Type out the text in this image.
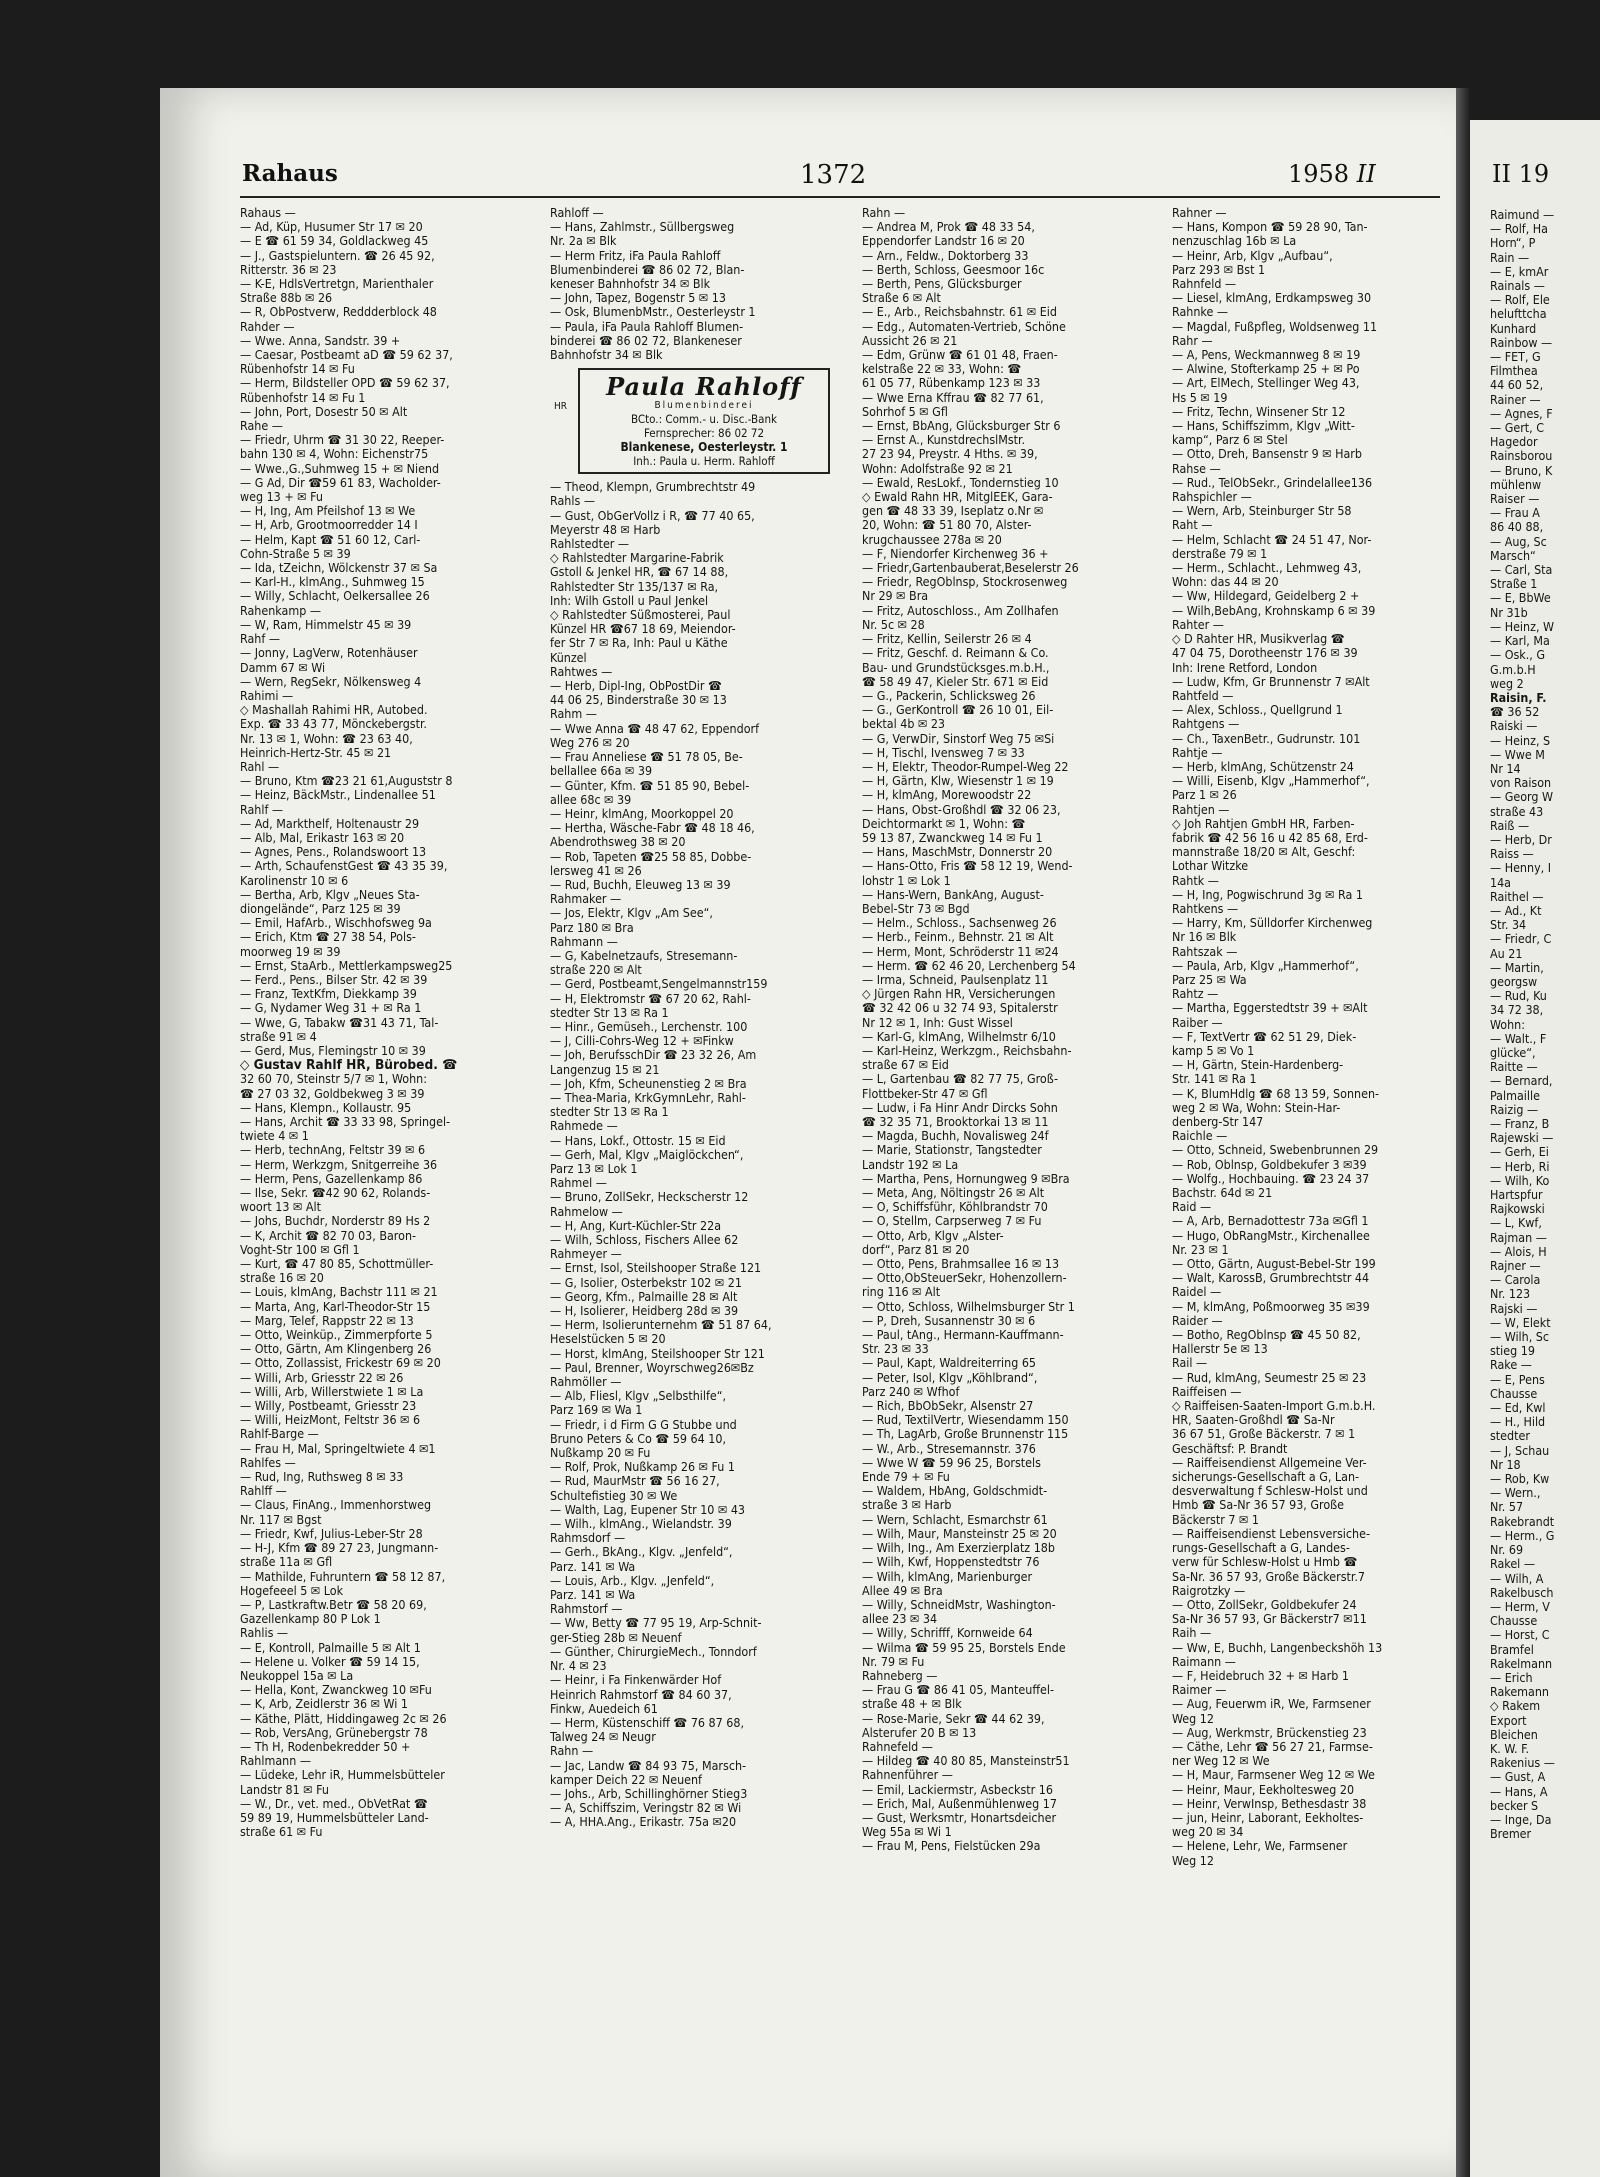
Rahaus	1372	1958 II
Rahaus —
— Ad, Küp, Husumer Str 17 ✉ 20
— E ☎ 61 59 34, Goldlackweg 45
— J., Gastspieluntern. ☎ 26 45 92,
Ritterstr. 36 ✉ 23
— K-E, HdlsVertretgn, Marienthaler
Straße 88b ✉ 26
— R, ObPostverw, Reddderblock 48
Rahder —
— Wwe. Anna, Sandstr. 39 +
— Caesar, Postbeamt aD ☎ 59 62 37,
Rübenhofstr 14 ✉ Fu
— Herm, Bildsteller OPD ☎ 59 62 37,
Rübenhofstr 14 ✉ Fu 1
— John, Port, Dosestr 50 ✉ Alt
Rahe —
— Friedr, Uhrm ☎ 31 30 22, Reeper-
bahn 130 ✉ 4, Wohn: Eichenstr75
— Wwe.,G.,Suhmweg 15 + ✉ Niend
— G Ad, Dir ☎59 61 83, Wacholder-
weg 13 + ✉ Fu
— H, Ing, Am Pfeilshof 13 ✉ We
— H, Arb, Grootmoorredder 14 I
— Helm, Kapt ☎ 51 60 12, Carl-
Cohn-Straße 5 ✉ 39
— Ida, tZeichn, Wölckenstr 37 ✉ Sa
— Karl-H., klmAng., Suhmweg 15
— Willy, Schlacht, Oelkersallee 26
Rahenkamp —
— W, Ram, Himmelstr 45 ✉ 39
Rahf —
— Jonny, LagVerw, Rotenhäuser
Damm 67 ✉ Wi
— Wern, RegSekr, Nölkensweg 4
Rahimi —
◇ Mashallah Rahimi HR, Autobed.
Exp. ☎ 33 43 77, Mönckebergstr.
Nr. 13 ✉ 1, Wohn: ☎ 23 63 40,
Heinrich-Hertz-Str. 45 ✉ 21
Rahl —
— Bruno, Ktm ☎23 21 61,Auguststr 8
— Heinz, BäckMstr., Lindenallee 51
Rahlf —
— Ad, Markthelf, Holtenaustr 29
— Alb, Mal, Erikastr 163 ✉ 20
— Agnes, Pens., Rolandswoort 13
— Arth, SchaufenstGest ☎ 43 35 39,
Karolinenstr 10 ✉ 6
— Bertha, Arb, Klgv „Neues Sta-
diongelände“, Parz 125 ✉ 39
— Emil, HafArb., Wischhofsweg 9a
— Erich, Ktm ☎ 27 38 54, Pols-
moorweg 19 ✉ 39
— Ernst, StaArb., Mettlerkampsweg25
— Ferd., Pens., Bilser Str. 42 ✉ 39
— Franz, TextKfm, Diekkamp 39
— G, Nydamer Weg 31 + ✉ Ra 1
— Wwe, G, Tabakw ☎31 43 71, Tal-
straße 91 ✉ 4
— Gerd, Mus, Flemingstr 10 ✉ 39
◇ Gustav Rahlf HR, Bürobed. ☎
32 60 70, Steinstr 5/7 ✉ 1, Wohn:
☎ 27 03 32, Goldbekweg 3 ✉ 39
— Hans, Klempn., Kollaustr. 95
— Hans, Archit ☎ 33 33 98, Springel-
twiete 4 ✉ 1
— Herb, technAng, Feltstr 39 ✉ 6
— Herm, Werkzgm, Snitgerreihe 36
— Herm, Pens, Gazellenkamp 86
— Ilse, Sekr. ☎42 90 62, Rolands-
woort 13 ✉ Alt
— Johs, Buchdr, Norderstr 89 Hs 2
— K, Archit ☎ 82 70 03, Baron-
Voght-Str 100 ✉ Gfl 1
— Kurt, ☎ 47 80 85, Schottmüller-
straße 16 ✉ 20
— Louis, klmAng, Bachstr 111 ✉ 21
— Marta, Ang, Karl-Theodor-Str 15
— Marg, Telef, Rappstr 22 ✉ 13
— Otto, Weinküp., Zimmerpforte 5
— Otto, Gärtn, Am Klingenberg 26
— Otto, Zollassist, Frickestr 69 ✉ 20
— Willi, Arb, Griesstr 22 ✉ 26
— Willi, Arb, Willerstwiete 1 ✉ La
— Willy, Postbeamt, Griesstr 23
— Willi, HeizMont, Feltstr 36 ✉ 6
Rahlf-Barge —
— Frau H, Mal, Springeltwiete 4 ✉1
Rahlfes —
— Rud, Ing, Ruthsweg 8 ✉ 33
Rahlff —
— Claus, FinAng., Immenhorstweg
Nr. 117 ✉ Bgst
— Friedr, Kwf, Julius-Leber-Str 28
— H-J, Kfm ☎ 89 27 23, Jungmann-
straße 11a ✉ Gfl
— Mathilde, Fuhruntern ☎ 58 12 87,
Hogefeeel 5 ✉ Lok
— P, Lastkraftw.Betr ☎ 58 20 69,
Gazellenkamp 80 P Lok 1
Rahlis —
— E, Kontroll, Palmaille 5 ✉ Alt 1
— Helene u. Volker ☎ 59 14 15,
Neukoppel 15a ✉ La
— Hella, Kont, Zwanckweg 10 ✉Fu
— K, Arb, Zeidlerstr 36 ✉ Wi 1
— Käthe, Plätt, Hiddingaweg 2c ✉ 26
— Rob, VersAng, Grünebergstr 78
— Th H, Rodenbekredder 50 +
Rahlmann —
— Lüdeke, Lehr iR, Hummelsbütteler
Landstr 81 ✉ Fu
— W., Dr., vet. med., ObVetRat ☎
59 89 19, Hummelsbütteler Land-
straße 61 ✉ Fu
Rahloff —
— Hans, Zahlmstr., Süllbergsweg
Nr. 2a ✉ Blk
— Herm Fritz, iFa Paula Rahloff
Blumenbinderei ☎ 86 02 72, Blan-
keneser Bahnhofstr 34 ✉ Blk
— John, Tapez, Bogenstr 5 ✉ 13
— Osk, BlumenbMstr., Oesterleystr 1
— Paula, iFa Paula Rahloff Blumen-
binderei ☎ 86 02 72, Blankeneser
Bahnhofstr 34 ✉ Blk
HR
Paula Rahloff
Blumenbinderei
BCto.: Comm.- u. Disc.-Bank
Fernsprecher: 86 02 72
Blankenese, Oesterleystr. 1
Inh.: Paula u. Herm. Rahloff
— Theod, Klempn, Grumbrechtstr 49
Rahls —
— Gust, ObGerVollz i R, ☎ 77 40 65,
Meyerstr 48 ✉ Harb
Rahlstedter —
◇ Rahlstedter Margarine-Fabrik
Gstoll & Jenkel HR, ☎ 67 14 88,
Rahlstedter Str 135/137 ✉ Ra,
Inh: Wilh Gstoll u Paul Jenkel
◇ Rahlstedter Süßmosterei, Paul
Künzel HR ☎67 18 69, Meiendor-
fer Str 7 ✉ Ra, Inh: Paul u Käthe
Künzel
Rahtwes —
— Herb, Dipl-Ing, ObPostDir ☎
44 06 25, Binderstraße 30 ✉ 13
Rahm —
— Wwe Anna ☎ 48 47 62, Eppendorf
Weg 276 ✉ 20
— Frau Anneliese ☎ 51 78 05, Be-
bellallee 66a ✉ 39
— Günter, Kfm. ☎ 51 85 90, Bebel-
allee 68c ✉ 39
— Heinr, klmAng, Moorkoppel 20
— Hertha, Wäsche-Fabr ☎ 48 18 46,
Abendrothsweg 38 ✉ 20
— Rob, Tapeten ☎25 58 85, Dobbe-
lersweg 41 ✉ 26
— Rud, Buchh, Eleuweg 13 ✉ 39
Rahmaker —
— Jos, Elektr, Klgv „Am See“,
Parz 180 ✉ Bra
Rahmann —
— G, Kabelnetzaufs, Stresemann-
straße 220 ✉ Alt
— Gerd, Postbeamt,Sengelmannstr159
— H, Elektromstr ☎ 67 20 62, Rahl-
stedter Str 13 ✉ Ra 1
— Hinr., Gemüseh., Lerchenstr. 100
— J, Cilli-Cohrs-Weg 12 + ✉Finkw
— Joh, BerufsschDir ☎ 23 32 26, Am
Langenzug 15 ✉ 21
— Joh, Kfm, Scheunenstieg 2 ✉ Bra
— Thea-Maria, KrkGymnLehr, Rahl-
stedter Str 13 ✉ Ra 1
Rahmede —
— Hans, Lokf., Ottostr. 15 ✉ Eid
— Gerh, Mal, Klgv „Maiglöckchen“,
Parz 13 ✉ Lok 1
Rahmel —
— Bruno, ZollSekr, Heckscherstr 12
Rahmelow —
— H, Ang, Kurt-Küchler-Str 22a
— Wilh, Schloss, Fischers Allee 62
Rahmeyer —
— Ernst, Isol, Steilshooper Straße 121
— G, Isolier, Osterbekstr 102 ✉ 21
— Georg, Kfm., Palmaille 28 ✉ Alt
— H, Isolierer, Heidberg 28d ✉ 39
— Herm, Isolierunternehm ☎ 51 87 64,
Heselstücken 5 ✉ 20
— Horst, klmAng, Steilshooper Str 121
— Paul, Brenner, Woyrschweg26✉Bz
Rahmöller —
— Alb, Fliesl, Klgv „Selbsthilfe“,
Parz 169 ✉ Wa 1
— Friedr, i d Firm G G Stubbe und
Bruno Peters & Co ☎ 59 64 10,
Nußkamp 20 ✉ Fu
— Rolf, Prok, Nußkamp 26 ✉ Fu 1
— Rud, MaurMstr ☎ 56 16 27,
Schultefistieg 30 ✉ We
— Walth, Lag, Eupener Str 10 ✉ 43
— Wilh., klmAng., Wielandstr. 39
Rahmsdorf —
— Gerh., BkAng., Klgv. „Jenfeld“,
Parz. 141 ✉ Wa
— Louis, Arb., Klgv. „Jenfeld“,
Parz. 141 ✉ Wa
Rahmstorf —
— Ww, Betty ☎ 77 95 19, Arp-Schnit-
ger-Stieg 28b ✉ Neuenf
— Günther, ChirurgieMech., Tonndorf
Nr. 4 ✉ 23
— Heinr, i Fa Finkenwärder Hof
Heinrich Rahmstorf ☎ 84 60 37,
Finkw, Auedeich 61
— Herm, Küstenschiff ☎ 76 87 68,
Talweg 24 ✉ Neugr
Rahn —
— Jac, Landw ☎ 84 93 75, Marsch-
kamper Deich 22 ✉ Neuenf
— Johs., Arb, Schillinghörner Stieg3
— A, Schiffszim, Veringstr 82 ✉ Wi
— A, HHA.Ang., Erikastr. 75a ✉20
Rahn —
— Andrea M, Prok ☎ 48 33 54,
Eppendorfer Landstr 16 ✉ 20
— Arn., Feldw., Doktorberg 33
— Berth, Schloss, Geesmoor 16c
— Berth, Pens, Glücksburger
Straße 6 ✉ Alt
— E., Arb., Reichsbahnstr. 61 ✉ Eid
— Edg., Automaten-Vertrieb, Schöne
Aussicht 26 ✉ 21
— Edm, Grünw ☎ 61 01 48, Fraen-
kelstraße 22 ✉ 33, Wohn: ☎
61 05 77, Rübenkamp 123 ✉ 33
— Wwe Erna Kffrau ☎ 82 77 61,
Sohrhof 5 ✉ Gfl
— Ernst, BbAng, Glücksburger Str 6
— Ernst A., KunstdrechslMstr.
27 23 94, Preystr. 4 Hths. ✉ 39,
Wohn: Adolfstraße 92 ✉ 21
— Ewald, ResLokf., Tondernstieg 10
◇ Ewald Rahn HR, MitglEEK, Gara-
gen ☎ 48 33 39, Iseplatz o.Nr ✉
20, Wohn: ☎ 51 80 70, Alster-
krugchaussee 278a ✉ 20
— F, Niendorfer Kirchenweg 36 +
— Friedr,Gartenbauberat,Beselerstr 26
— Friedr, RegOblnsp, Stockrosenweg
Nr 29 ✉ Bra
— Fritz, Autoschloss., Am Zollhafen
Nr. 5c ✉ 28
— Fritz, Kellin, Seilerstr 26 ✉ 4
— Fritz, Geschf. d. Reimann & Co.
Bau- und Grundstücksges.m.b.H.,
☎ 58 49 47, Kieler Str. 671 ✉ Eid
— G., Packerin, Schlicksweg 26
— G., GerKontroll ☎ 26 10 01, Eil-
bektal 4b ✉ 23
— G, VerwDir, Sinstorf Weg 75 ✉Si
— H, Tischl, Ivensweg 7 ✉ 33
— H, Elektr, Theodor-Rumpel-Weg 22
— H, Gärtn, Klw, Wiesenstr 1 ✉ 19
— H, klmAng, Morewoodstr 22
— Hans, Obst-Großhdl ☎ 32 06 23,
Deichtormarkt ✉ 1, Wohn: ☎
59 13 87, Zwanckweg 14 ✉ Fu 1
— Hans, MaschMstr, Donnerstr 20
— Hans-Otto, Fris ☎ 58 12 19, Wend-
lohstr 1 ✉ Lok 1
— Hans-Wern, BankAng, August-
Bebel-Str 73 ✉ Bgd
— Helm., Schloss., Sachsenweg 26
— Herb., Feinm., Behnstr. 21 ✉ Alt
— Herm, Mont, Schröderstr 11 ✉24
— Herm. ☎ 62 46 20, Lerchenberg 54
— Irma, Schneid, Paulsenplatz 11
◇ Jürgen Rahn HR, Versicherungen
☎ 32 42 06 u 32 74 93, Spitalerstr
Nr 12 ✉ 1, Inh: Gust Wissel
— Karl-G, klmAng, Wilhelmstr 6/10
— Karl-Heinz, Werkzgm., Reichsbahn-
straße 67 ✉ Eid
— L, Gartenbau ☎ 82 77 75, Groß-
Flottbeker-Str 47 ✉ Gfl
— Ludw, i Fa Hinr Andr Dircks Sohn
☎ 32 35 71, Brooktorkai 13 ✉ 11
— Magda, Buchh, Novalisweg 24f
— Marie, Stationstr, Tangstedter
Landstr 192 ✉ La
— Martha, Pens, Hornungweg 9 ✉Bra
— Meta, Ang, Nöltingstr 26 ✉ Alt
— O, Schiffsführ, Köhlbrandstr 70
— O, Stellm, Carpserweg 7 ✉ Fu
— Otto, Arb, Klgv „Alster-
dorf“, Parz 81 ✉ 20
— Otto, Pens, Brahmsallee 16 ✉ 13
— Otto,ObSteuerSekr, Hohenzollern-
ring 116 ✉ Alt
— Otto, Schloss, Wilhelmsburger Str 1
— P, Dreh, Susannenstr 30 ✉ 6
— Paul, tAng., Hermann-Kauffmann-
Str. 23 ✉ 33
— Paul, Kapt, Waldreiterring 65
— Peter, Isol, Klgv „Köhlbrand“,
Parz 240 ✉ Wfhof
— Rich, BbObSekr, Alsenstr 27
— Rud, TextilVertr, Wiesendamm 150
— Th, LagArb, Große Brunnenstr 115
— W., Arb., Stresemannstr. 376
— Wwe W ☎ 59 96 25, Borstels
Ende 79 + ✉ Fu
— Waldem, HbAng, Goldschmidt-
straße 3 ✉ Harb
— Wern, Schlacht, Esmarchstr 61
— Wilh, Maur, Mansteinstr 25 ✉ 20
— Wilh, Ing., Am Exerzierplatz 18b
— Wilh, Kwf, Hoppenstedtstr 76
— Wilh, klmAng, Marienburger
Allee 49 ✉ Bra
— Willy, SchneidMstr, Washington-
allee 23 ✉ 34
— Willy, Schrifff, Kornweide 64
— Wilma ☎ 59 95 25, Borstels Ende
Nr. 79 ✉ Fu
Rahneberg —
— Frau G ☎ 86 41 05, Manteuffel-
straße 48 + ✉ Blk
— Rose-Marie, Sekr ☎ 44 62 39,
Alsterufer 20 B ✉ 13
Rahnefeld —
— Hildeg ☎ 40 80 85, Mansteinstr51
Rahnenführer —
— Emil, Lackiermstr, Asbeckstr 16
— Erich, Mal, AußenmühIenweg 17
— Gust, Werksmtr, Honartsdeicher
Weg 55a ✉ Wi 1
— Frau M, Pens, Fielstücken 29a
Rahner —
— Hans, Kompon ☎ 59 28 90, Tan-
nenzuschlag 16b ✉ La
— Heinr, Arb, Klgv „Aufbau“,
Parz 293 ✉ Bst 1
Rahnfeld —
— Liesel, klmAng, Erdkampsweg 30
Rahnke —
— Magdal, Fußpfleg, Woldsenweg 11
Rahr —
— A, Pens, Weckmannweg 8 ✉ 19
— Alwine, Stofterkamp 25 + ✉ Po
— Art, ElMech, Stellinger Weg 43,
Hs 5 ✉ 19
— Fritz, Techn, Winsener Str 12
— Hans, Schiffszimm, Klgv „Witt-
kamp“, Parz 6 ✉ Stel
— Otto, Dreh, Bansenstr 9 ✉ Harb
Rahse —
— Rud., TelObSekr., Grindelallee136
Rahspichler —
— Wern, Arb, Steinburger Str 58
Raht —
— Helm, Schlacht ☎ 24 51 47, Nor-
derstraße 79 ✉ 1
— Herm., Schlacht., Lehmweg 43,
Wohn: das 44 ✉ 20
— Ww, Hildegard, Geidelberg 2 +
— Wilh,BebAng, Krohnskamp 6 ✉ 39
Rahter —
◇ D Rahter HR, Musikverlag ☎
47 04 75, Dorotheenstr 176 ✉ 39
Inh: Irene Retford, London
— Ludw, Kfm, Gr Brunnenstr 7 ✉Alt
Rahtfeld —
— Alex, Schloss., Quellgrund 1
Rahtgens —
— Ch., TaxenBetr., Gudrunstr. 101
Rahtje —
— Herb, klmAng, Schützenstr 24
— Willi, Eisenb, Klgv „Hammerhof“,
Parz 1 ✉ 26
Rahtjen —
◇ Joh Rahtjen GmbH HR, Farben-
fabrik ☎ 42 56 16 u 42 85 68, Erd-
mannstraße 18/20 ✉ Alt, Geschf:
Lothar Witzke
Rahtk —
— H, Ing, Pogwischrund 3g ✉ Ra 1
Rahtkens —
— Harry, Km, Sülldorfer Kirchenweg
Nr 16 ✉ Blk
Rahtszak —
— Paula, Arb, Klgv „Hammerhof“,
Parz 25 ✉ Wa
Rahtz —
— Martha, Eggerstedtstr 39 + ✉Alt
Raiber —
— F, TextVertr ☎ 62 51 29, Diek-
kamp 5 ✉ Vo 1
— H, Gärtn, Stein-Hardenberg-
Str. 141 ✉ Ra 1
— K, BlumHdlg ☎ 68 13 59, Sonnen-
weg 2 ✉ Wa, Wohn: Stein-Har-
denberg-Str 147
Raichle —
— Otto, Schneid, Swebenbrunnen 29
— Rob, Oblnsp, Goldbekufer 3 ✉39
— Wolfg., Hochbauing. ☎ 23 24 37
Bachstr. 64d ✉ 21
Raid —
— A, Arb, Bernadottestr 73a ✉Gfl 1
— Hugo, ObRangMstr., Kirchenallee
Nr. 23 ✉ 1
— Otto, Gärtn, August-Bebel-Str 199
— Walt, KarossB, Grumbrechtstr 44
Raidel —
— M, klmAng, Poßmoorweg 35 ✉39
Raider —
— Botho, RegOblnsp ☎ 45 50 82,
Hallerstr 5e ✉ 13
Rail —
— Rud, klmAng, Seumestr 25 ✉ 23
Raiffeisen —
◇ Raiffeisen-Saaten-Import G.m.b.H.
HR, Saaten-Großhdl ☎ Sa-Nr
36 67 51, Große Bäckerstr. 7 ✉ 1
Geschäftsf: P. Brandt
— Raiffeisendienst Allgemeine Ver-
sicherungs-Gesellschaft a G, Lan-
desverwaltung f Schlesw-Holst und
Hmb ☎ Sa-Nr 36 57 93, Große
Bäckerstr 7 ✉ 1
— Raiffeisendienst Lebensversiche-
rungs-Gesellschaft a G, Landes-
verw für Schlesw-Holst u Hmb ☎
Sa-Nr. 36 57 93, Große Bäckerstr.7
Raigrotzky —
— Otto, ZollSekr, Goldbekufer 24
Sa-Nr 36 57 93, Gr Bäckerstr7 ✉11
Raih —
— Ww, E, Buchh, Langenbeckshöh 13
Raimann —
— F, Heidebruch 32 + ✉ Harb 1
Raimer —
— Aug, Feuerwm iR, We, Farmsener
Weg 12
— Aug, Werkmstr, Brückenstieg 23
— Cäthe, Lehr ☎ 56 27 21, Farmse-
ner Weg 12 ✉ We
— H, Maur, Farmsener Weg 12 ✉ We
— Heinr, Maur, Eekholtesweg 20
— Heinr, VerwInsp, Bethesdastr 38
— jun, Heinr, Laborant, Eekholtes-
weg 20 ✉ 34
— Helene, Lehr, We, Farmsener
Weg 12
II 19
Raimund —
— Rolf, Ha
Horn“, P
Rain —
— E, kmAr
Rainals —
— Rolf, Ele
helufttcha
Kunhard
Rainbow —
— FET, G
Filmthea
44 60 52,
Rainer —
— Agnes, F
— Gert, C
Hagedor
Rainsborou
— Bruno, K
mühlenw
Raiser —
— Frau A
86 40 88,
— Aug, Sc
Marsch“
— Carl, Sta
Straße 1
— E, BbWe
Nr 31b
— Heinz, W
— Karl, Ma
— Osk., G
G.m.b.H
weg 2
Raisin, F.
☎ 36 52
Raiski —
— Heinz, S
— Wwe M
Nr 14
von Raison
— Georg W
straße 43
Raiß —
— Herb, Dr
Raiss —
— Henny, I
14a
Raithel —
— Ad., Kt
Str. 34
— Friedr, C
Au 21
— Martin,
georgsw
— Rud, Ku
34 72 38,
Wohn:
— Walt., F
glücke“,
Raitte —
— Bernard,
Palmaille
Raizig —
— Franz, B
Rajewski —
— Gerh, Ei
— Herb, Ri
— Wilh, Ko
Hartspfur
Rajkowski
— L, Kwf,
Rajman —
— Alois, H
Rajner —
— Carola
Nr. 123
Rajski —
— W, Elekt
— Wilh, Sc
stieg 19
Rake —
— E, Pens
Chausse
— Ed, Kwl
— H., Hild
stedter
— J, Schau
Nr 18
— Rob, Kw
— Wern.,
Nr. 57
Rakebrandt
— Herm., G
Nr. 69
Rakel —
— Wilh, A
Rakelbusch
— Herm, V
Chausse
— Horst, C
Bramfel
Rakelmann
— Erich
Rakemann
◇ Rakem
Export
Bleichen
K. W. F.
Rakenius —
— Gust, A
— Hans, A
becker S
— Inge, Da
Bremer
